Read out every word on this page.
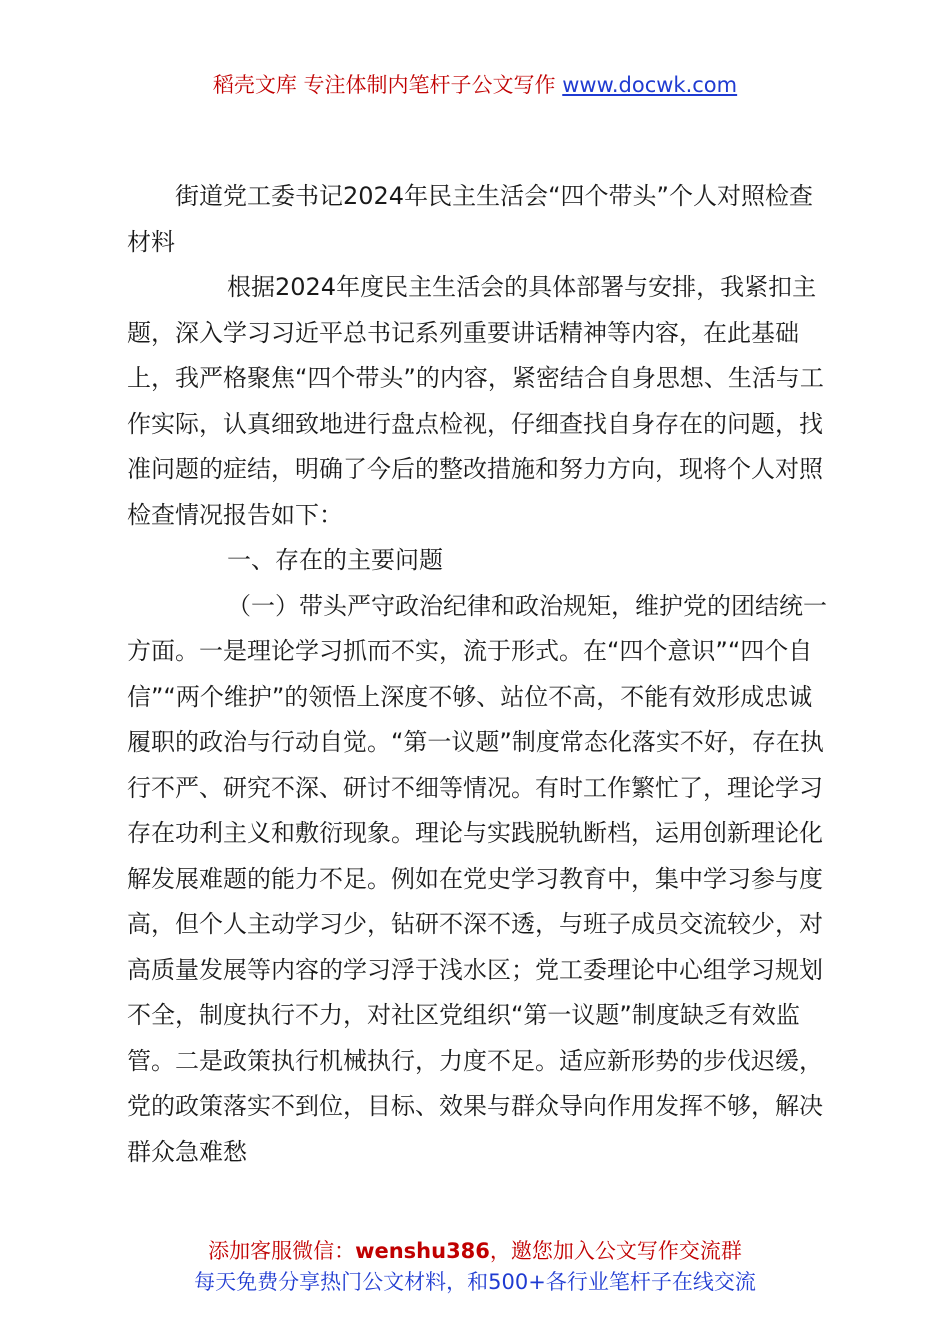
稻壳文库 专注体制内笔杆子公文写作 www.docwk.com

街道党工委书记2024年民主生活会“四个带头”个人对照检查材料

根据2024年度民主生活会的具体部署与安排，我紧扣主题，深入学习习近平总书记系列重要讲话精神等内容，在此基础上，我严格聚焦“四个带头”的内容，紧密结合自身思想、生活与工作实际，认真细致地进行盘点检视，仔细查找自身存在的问题，找准问题的症结，明确了今后的整改措施和努力方向，现将个人对照检查情况报告如下：

一、存在的主要问题

（一）带头严守政治纪律和政治规矩，维护党的团结统一方面。一是理论学习抓而不实，流于形式。在“四个意识”“四个自信”“两个维护”的领悟上深度不够、站位不高，不能有效形成忠诚履职的政治与行动自觉。“第一议题”制度常态化落实不好，存在执行不严、研究不深、研讨不细等情况。有时工作繁忙了，理论学习存在功利主义和敷衍现象。理论与实践脱轨断档，运用创新理论化解发展难题的能力不足。例如在党史学习教育中，集中学习参与度高，但个人主动学习少，钻研不深不透，与班子成员交流较少，对高质量发展等内容的学习浮于浅水区；党工委理论中心组学习规划不全，制度执行不力，对社区党组织“第一议题”制度缺乏有效监管。二是政策执行机械执行，力度不足。适应新形势的步伐迟缓，党的政策落实不到位，目标、效果与群众导向作用发挥不够，解决群众急难愁

添加客服微信：wenshu386，邀您加入公文写作交流群
每天免费分享热门公文材料，和500+各行业笔杆子在线交流
